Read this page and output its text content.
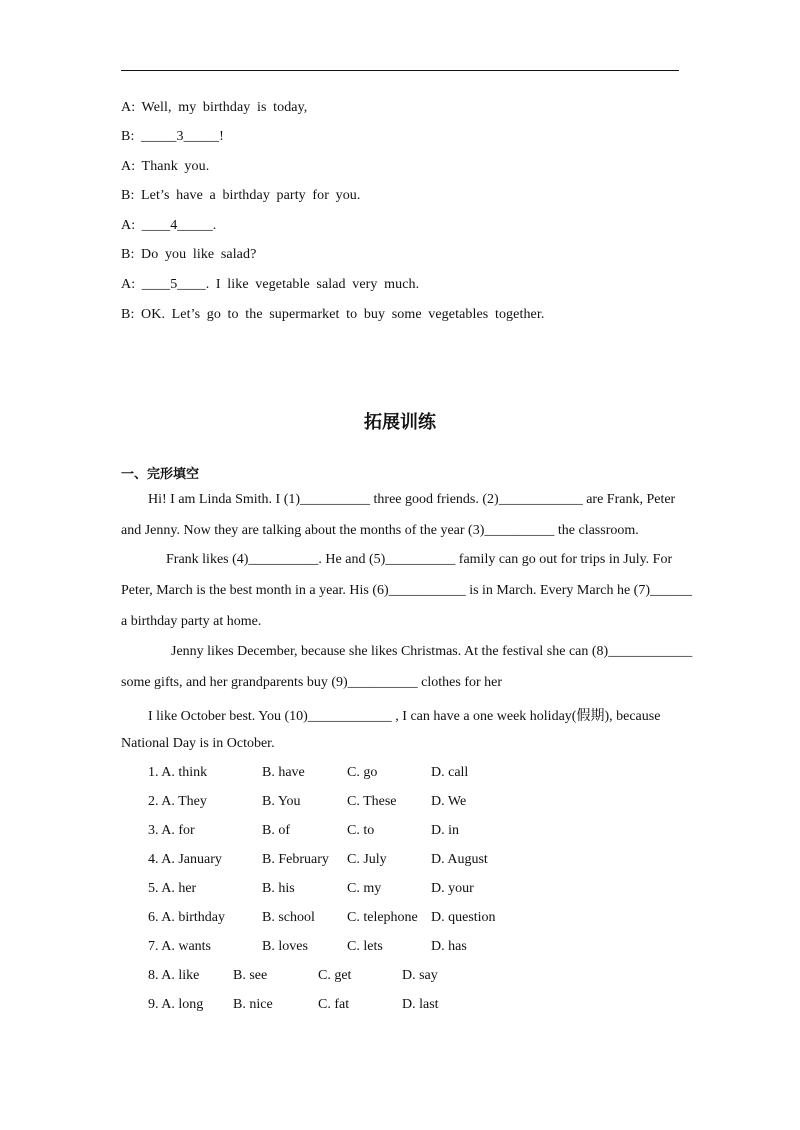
A: Well, my birthday is today,
B: _____3_____!
A: Thank you.
B: Let’s have a birthday party for you.
A: ____4_____.
B: Do you like salad?
A: ____5____. I like vegetable salad very much.
B: OK. Let’s go to the supermarket to buy some vegetables together.
拓展训练
一、完形填空
Hi! I am Linda Smith. I (1)__________ three good friends. (2)____________ are Frank, Peter
and Jenny. Now they are talking about the months of the year (3)__________ the classroom.
Frank likes (4)__________. He and (5)__________ family can go out for trips in July. For
Peter, March is the best month in a year. His (6)___________ is in March. Every March he (7)______
a birthday party at home.
Jenny likes December, because she likes Christmas. At the festival she can (8)____________
some gifts, and her grandparents buy (9)__________ clothes for her
I like October best. You (10)____________ , I can have a one week holiday(假期), because
National Day is in October.
1. A. think	B. have	C. go	D. call
2. A. They	B. You	C. These D. We
3. A. for	B. of	C. to	D. in
4. A. January	B. February C. July	D. August
5. A. her	B. his	C. my	D. your
6. A. birthday	B. school C. telephone D. question
7. A. wants	B. loves	C. lets	D. has
8. A. like B. see	C. get	D. say
9. A. long B. nice	C. fat	D. last
